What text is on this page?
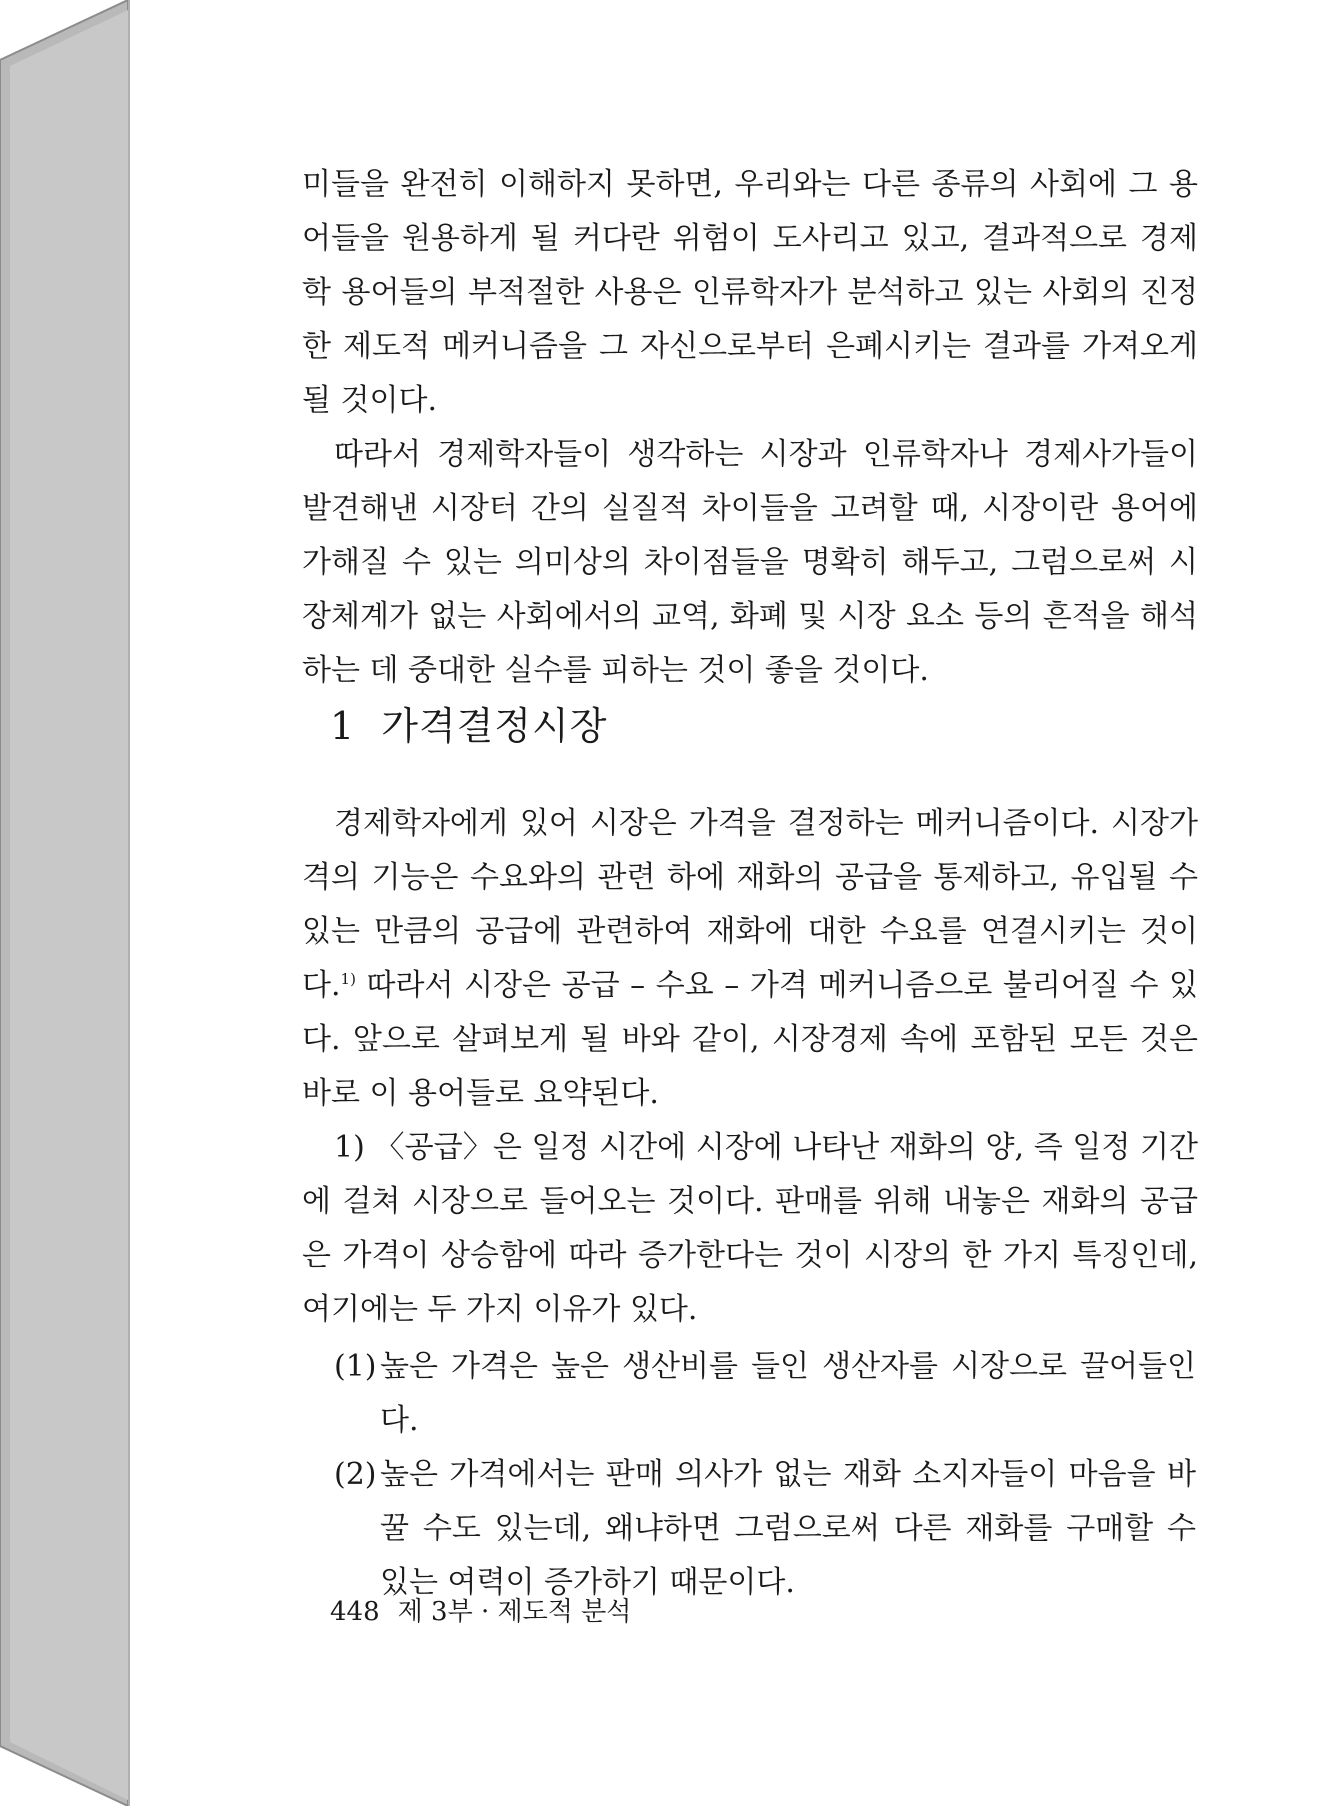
미들을 완전히 이해하지 못하면, 우리와는 다른 종류의 사회에 그 용어들을 원용하게 될 커다란 위험이 도사리고 있고, 결과적으로 경제학 용어들의 부적절한 사용은 인류학자가 분석하고 있는 사회의 진정한 제도적 메커니즘을 그 자신으로부터 은폐시키는 결과를 가져오게 될 것이다.

따라서 경제학자들이 생각하는 시장과 인류학자나 경제사가들이 발견해낸 시장터 간의 실질적 차이들을 고려할 때, 시장이란 용어에 가해질 수 있는 의미상의 차이점들을 명확히 해두고, 그럼으로써 시장체계가 없는 사회에서의 교역, 화폐 및 시장 요소 등의 흔적을 해석하는 데 중대한 실수를 피하는 것이 좋을 것이다.

1 가격결정시장

경제학자에게 있어 시장은 가격을 결정하는 메커니즘이다. 시장가격의 기능은 수요와의 관련 하에 재화의 공급을 통제하고, 유입될 수 있는 만큼의 공급에 관련하여 재화에 대한 수요를 연결시키는 것이다.$^{1)}$ 따라서 시장은 공급 – 수요 – 가격 메커니즘으로 불리어질 수 있다. 앞으로 살펴보게 될 바와 같이, 시장경제 속에 포함된 모든 것은 바로 이 용어들로 요약된다.

1) 〈공급〉은 일정 시간에 시장에 나타난 재화의 양, 즉 일정 기간에 걸쳐 시장으로 들어오는 것이다. 판매를 위해 내놓은 재화의 공급은 가격이 상승함에 따라 증가한다는 것이 시장의 한 가지 특징인데, 여기에는 두 가지 이유가 있다.

(1) 높은 가격은 높은 생산비를 들인 생산자를 시장으로 끌어들인다.

(2) 높은 가격에서는 판매 의사가 없는 재화 소지자들이 마음을 바꿀 수도 있는데, 왜냐하면 그럼으로써 다른 재화를 구매할 수 있는 여력이 증가하기 때문이다.

448 제 3부 · 제도적 분석
